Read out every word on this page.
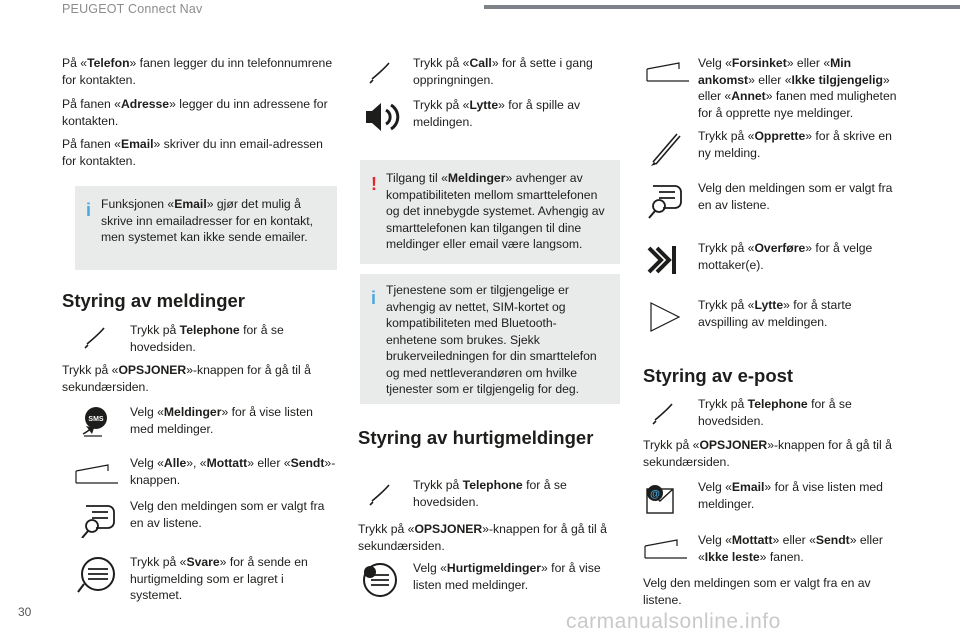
PEUGEOT Connect Nav
På «Telefon» fanen legger du inn telefonnumrene for kontakten.
På fanen «Adresse» legger du inn adressene for kontakten.
På fanen «Email» skriver du inn email-adressen for kontakten.
i Funksjonen «Email» gjør det mulig å skrive inn emailadresser for en kontakt, men systemet kan ikke sende emailer.
Styring av meldinger
Trykk på Telephone for å se hovedsiden.
Trykk på «OPSJONER»-knappen for å gå til å sekundærsiden.
SMS
Velg «Meldinger» for å vise listen med meldinger.
Velg «Alle», «Mottatt» eller «Sendt»-knappen.
Velg den meldingen som er valgt fra en av listene.
Trykk på «Svare» for å sende en hurtigmelding som er lagret i systemet.
Trykk på «Call» for å sette i gang oppringningen.
Trykk på «Lytte» for å spille av meldingen.
! Tilgang til «Meldinger» avhenger av kompatibiliteten mellom smarttelefonen og det innebygde systemet. Avhengig av smarttelefonen kan tilgangen til dine meldinger eller email være langsom.
i Tjenestene som er tilgjengelige er avhengig av nettet, SIM-kortet og kompatibiliteten med Bluetooth-enhetene som brukes. Sjekk brukerveiledningen for din smarttelefon og med nettleverandøren om hvilke tjenester som er tilgjengelig for deg.
Styring av hurtigmeldinger
Trykk på Telephone for å se hovedsiden.
Trykk på «OPSJONER»-knappen for å gå til å sekundærsiden.
Velg «Hurtigmeldinger» for å vise listen med meldinger.
Velg «Forsinket» eller «Min ankomst» eller «Ikke tilgjengelig» eller «Annet» fanen med muligheten for å opprette nye meldinger.
Trykk på «Opprette» for å skrive en ny melding.
Velg den meldingen som er valgt fra en av listene.
Trykk på «Overføre» for å velge mottaker(e).
Trykk på «Lytte» for å starte avspilling av meldingen.
Styring av e-post
Trykk på Telephone for å se hovedsiden.
Trykk på «OPSJONER»-knappen for å gå til å sekundærsiden.
@
Velg «Email» for å vise listen med meldinger.
Velg «Mottatt» eller «Sendt» eller «Ikke leste» fanen.
Velg den meldingen som er valgt fra en av listene.
30	carmanualsonline.info
